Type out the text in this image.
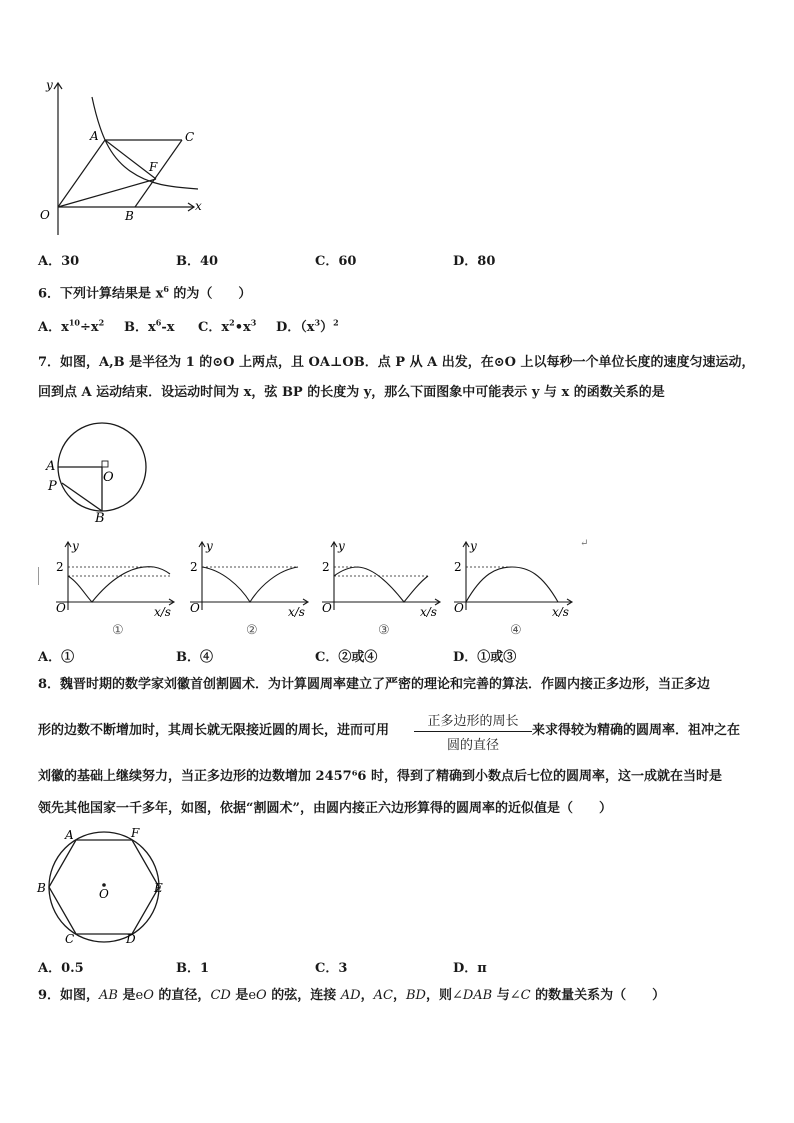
y
x
O
A	C
F
B
A．30	B．40	C．60	D．80
6．下列计算结果是 $x^6$ 的为（　　）
A．$x^{10}\div x^2$ B．$x^6-x$ C．$x^2•x^3$ D．$(x^3)^2$
7．如图，A,B 是半径为 1 的⊙O 上两点，且 OA⊥OB．点 P 从 A 出发，在⊙O 上以每秒一个单位长度的速度匀速运动，
回到点 A 运动结束．设运动时间为 x，弦 BP 的长度为 y，那么下面图象中可能表示 y 与 x 的函数关系的是
A
O
P
B
y
2
O	x/s
①
y
2
O	x/s
②
y
2
O	x/s
③
y
2
O	x/s
④
↵
A．①	B．④	C．②或④	D．①或③
8．魏晋时期的数学家刘徽首创割圆术．为计算圆周率建立了严密的理论和完善的算法．作圆内接正多边形，当正多边
形的边数不断增加时，其周长就无限接近圆的周长，进而可用
正多边形的周长
圆的直径
来求得较为精确的圆周率．祖冲之在
刘徽的基础上继续努力，当正多边形的边数增加 2457⁶6 时，得到了精确到小数点后七位的圆周率，这一成就在当时是
领先其他国家一千多年，如图，依据“割圆术”，由圆内接正六边形算得的圆周率的近似值是（　　）
A	F
B	E
O
C	D
A．0.5	B．1	C．3	D．π
9．如图，AB 是eO 的直径，CD 是eO 的弦，连接 AD，AC，BD，则∠DAB 与∠C 的数量关系为（　　）
